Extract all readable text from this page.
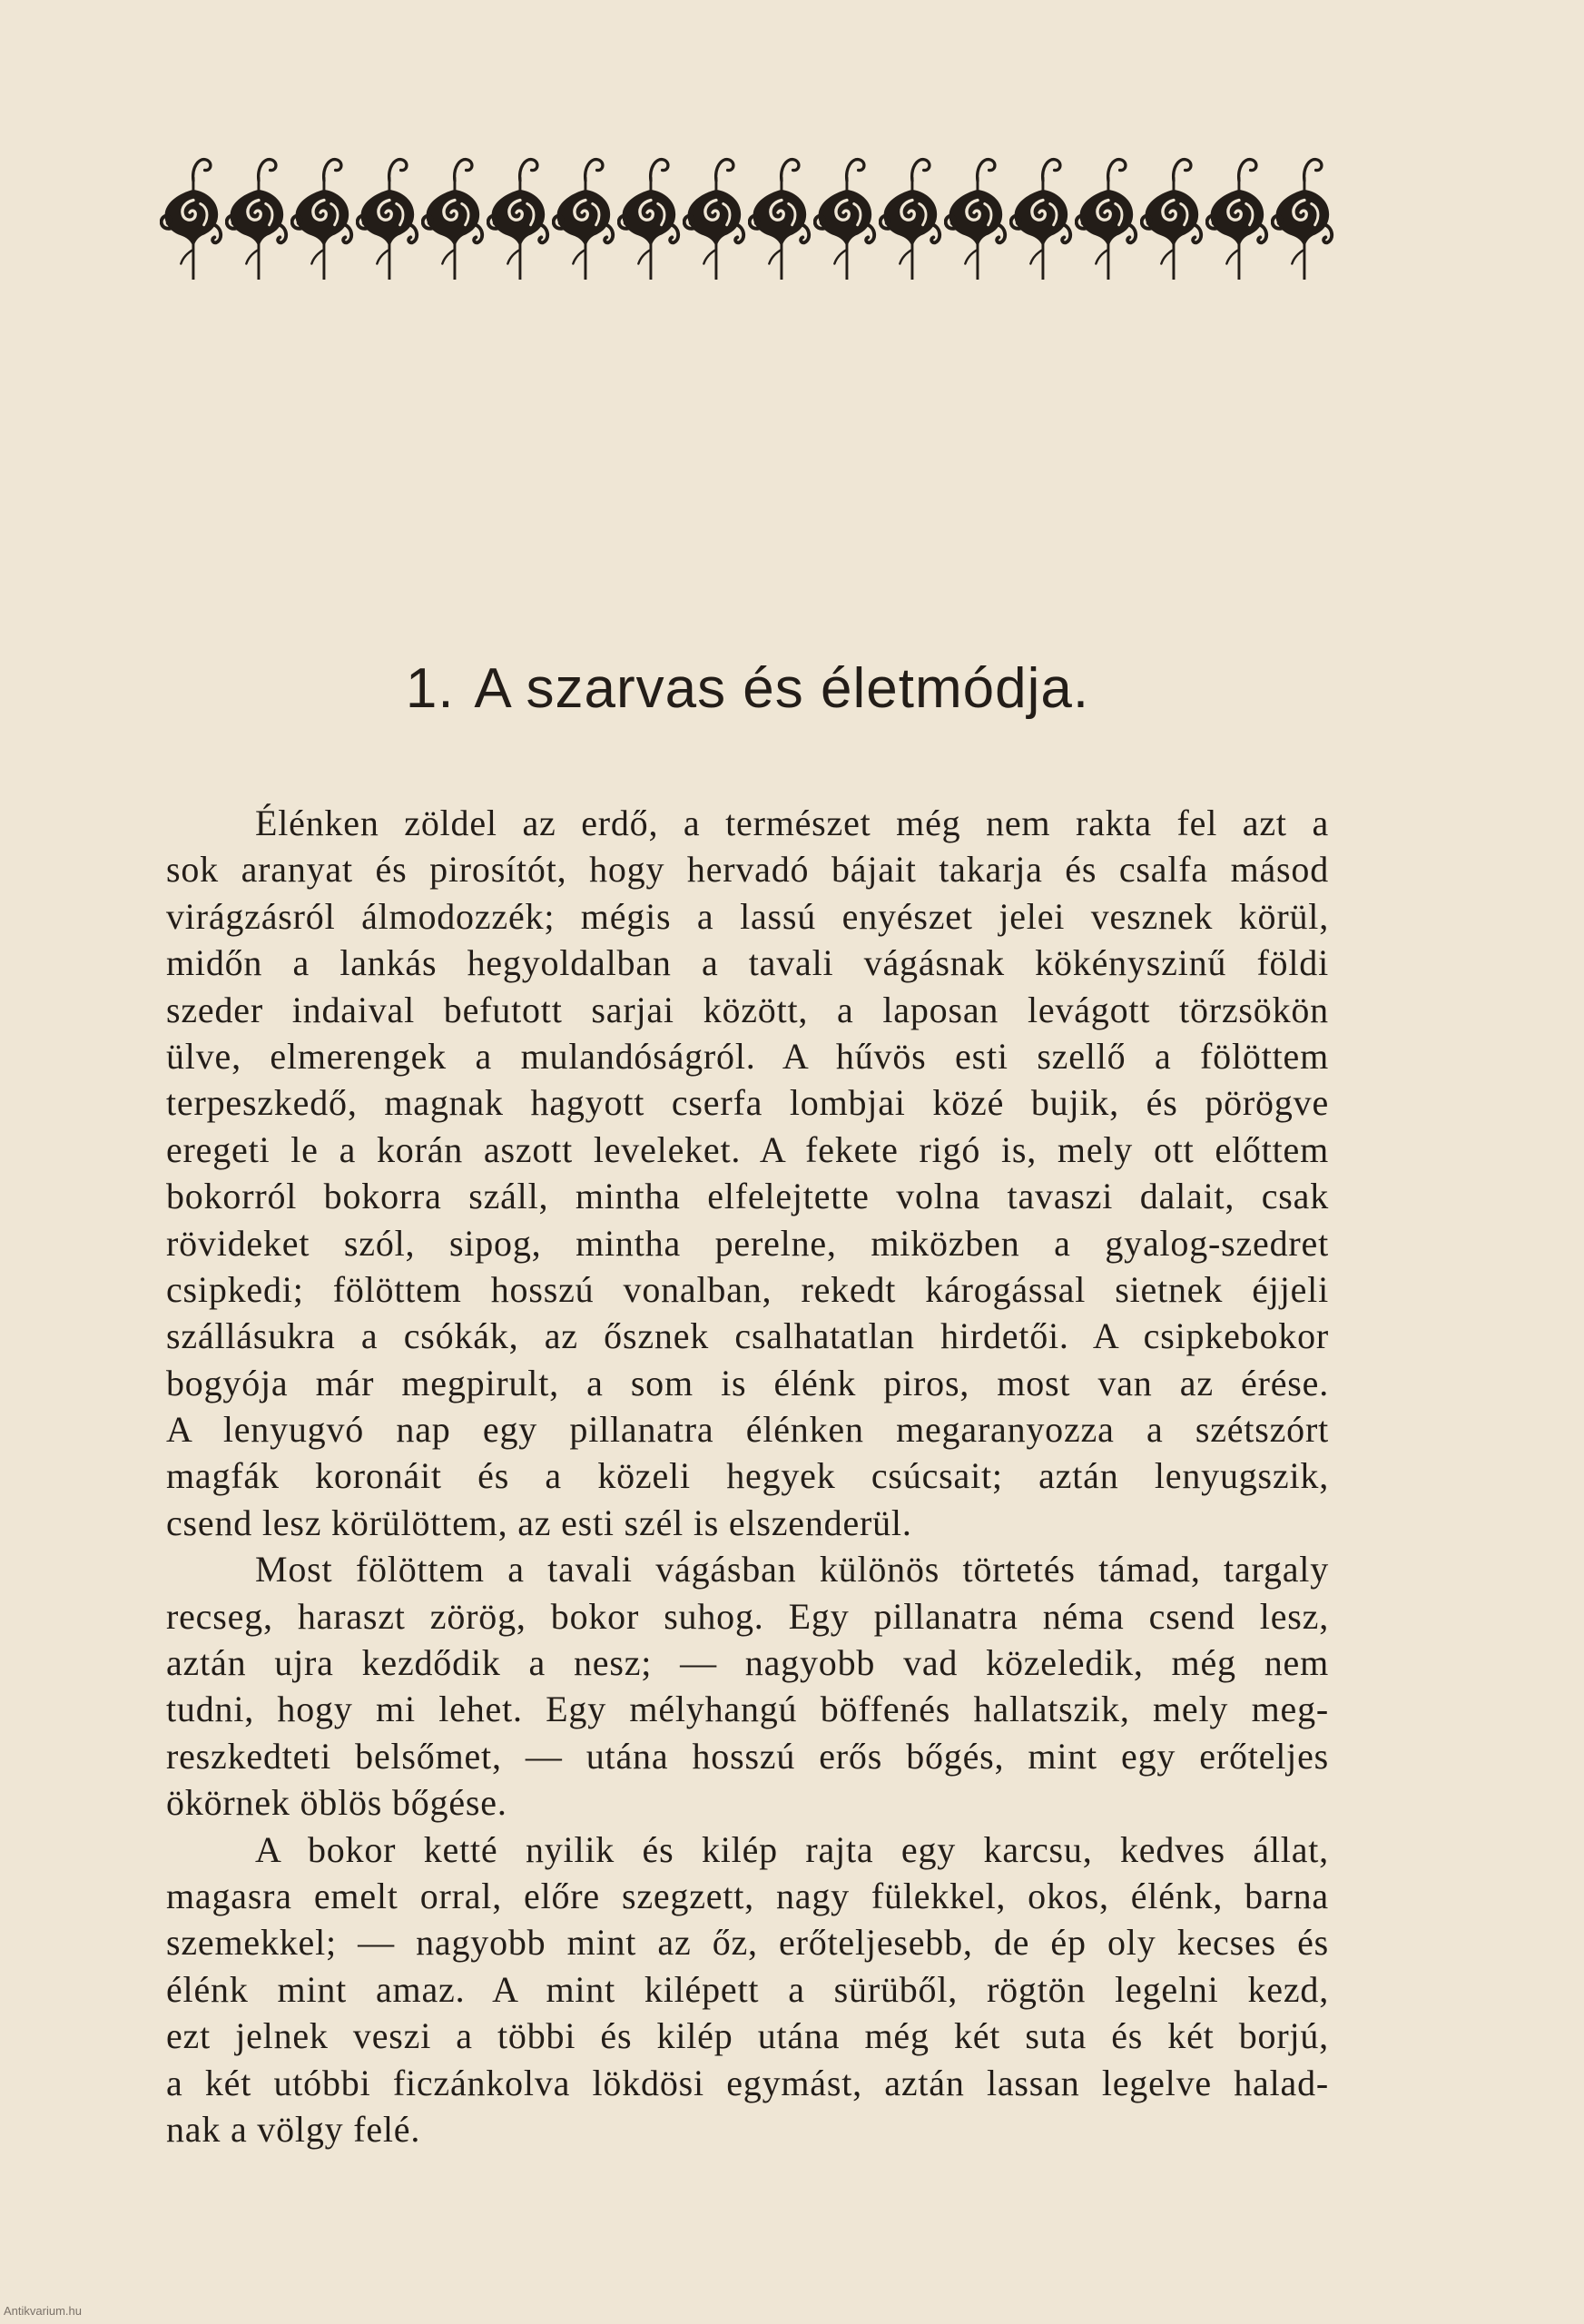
1. A szarvas és életmódja.
Élénken zöldel az erdő, a természet még nem rakta fel azt a
sok aranyat és pirosítót, hogy hervadó bájait takarja és csalfa másod
virágzásról álmodozzék; mégis a lassú enyészet jelei vesznek körül,
midőn a lankás hegyoldalban a tavali vágásnak kökényszinű földi
szeder indaival befutott sarjai között, a laposan levágott törzsökön
ülve, elmerengek a mulandóságról. A hűvös esti szellő a fölöttem
terpeszkedő, magnak hagyott cserfa lombjai közé bujik, és pörögve
eregeti le a korán aszott leveleket. A fekete rigó is, mely ott előttem
bokorról bokorra száll, mintha elfelejtette volna tavaszi dalait, csak
rövideket szól, sipog, mintha perelne, miközben a gyalog-szedret
csipkedi; fölöttem hosszú vonalban, rekedt károgással sietnek éjjeli
szállásukra a csókák, az ősznek csalhatatlan hirdetői. A csipkebokor
bogyója már megpirult, a som is élénk piros, most van az érése.
A lenyugvó nap egy pillanatra élénken megaranyozza a szétszórt
magfák koronáit és a közeli hegyek csúcsait; aztán lenyugszik,
csend lesz körülöttem, az esti szél is elszenderül.
Most fölöttem a tavali vágásban különös törtetés támad, targaly
recseg, haraszt zörög, bokor suhog. Egy pillanatra néma csend lesz,
aztán ujra kezdődik a nesz; — nagyobb vad közeledik, még nem
tudni, hogy mi lehet. Egy mélyhangú böffenés hallatszik, mely meg-
reszkedteti belsőmet, — utána hosszú erős bőgés, mint egy erőteljes
ökörnek öblös bőgése.
A bokor ketté nyilik és kilép rajta egy karcsu, kedves állat,
magasra emelt orral, előre szegzett, nagy fülekkel, okos, élénk, barna
szemekkel; — nagyobb mint az őz, erőteljesebb, de ép oly kecses és
élénk mint amaz. A mint kilépett a sürüből, rögtön legelni kezd,
ezt jelnek veszi a többi és kilép utána még két suta és két borjú,
a két utóbbi ficzánkolva lökdösi egymást, aztán lassan legelve halad-
nak a völgy felé.
Antikvarium.hu
